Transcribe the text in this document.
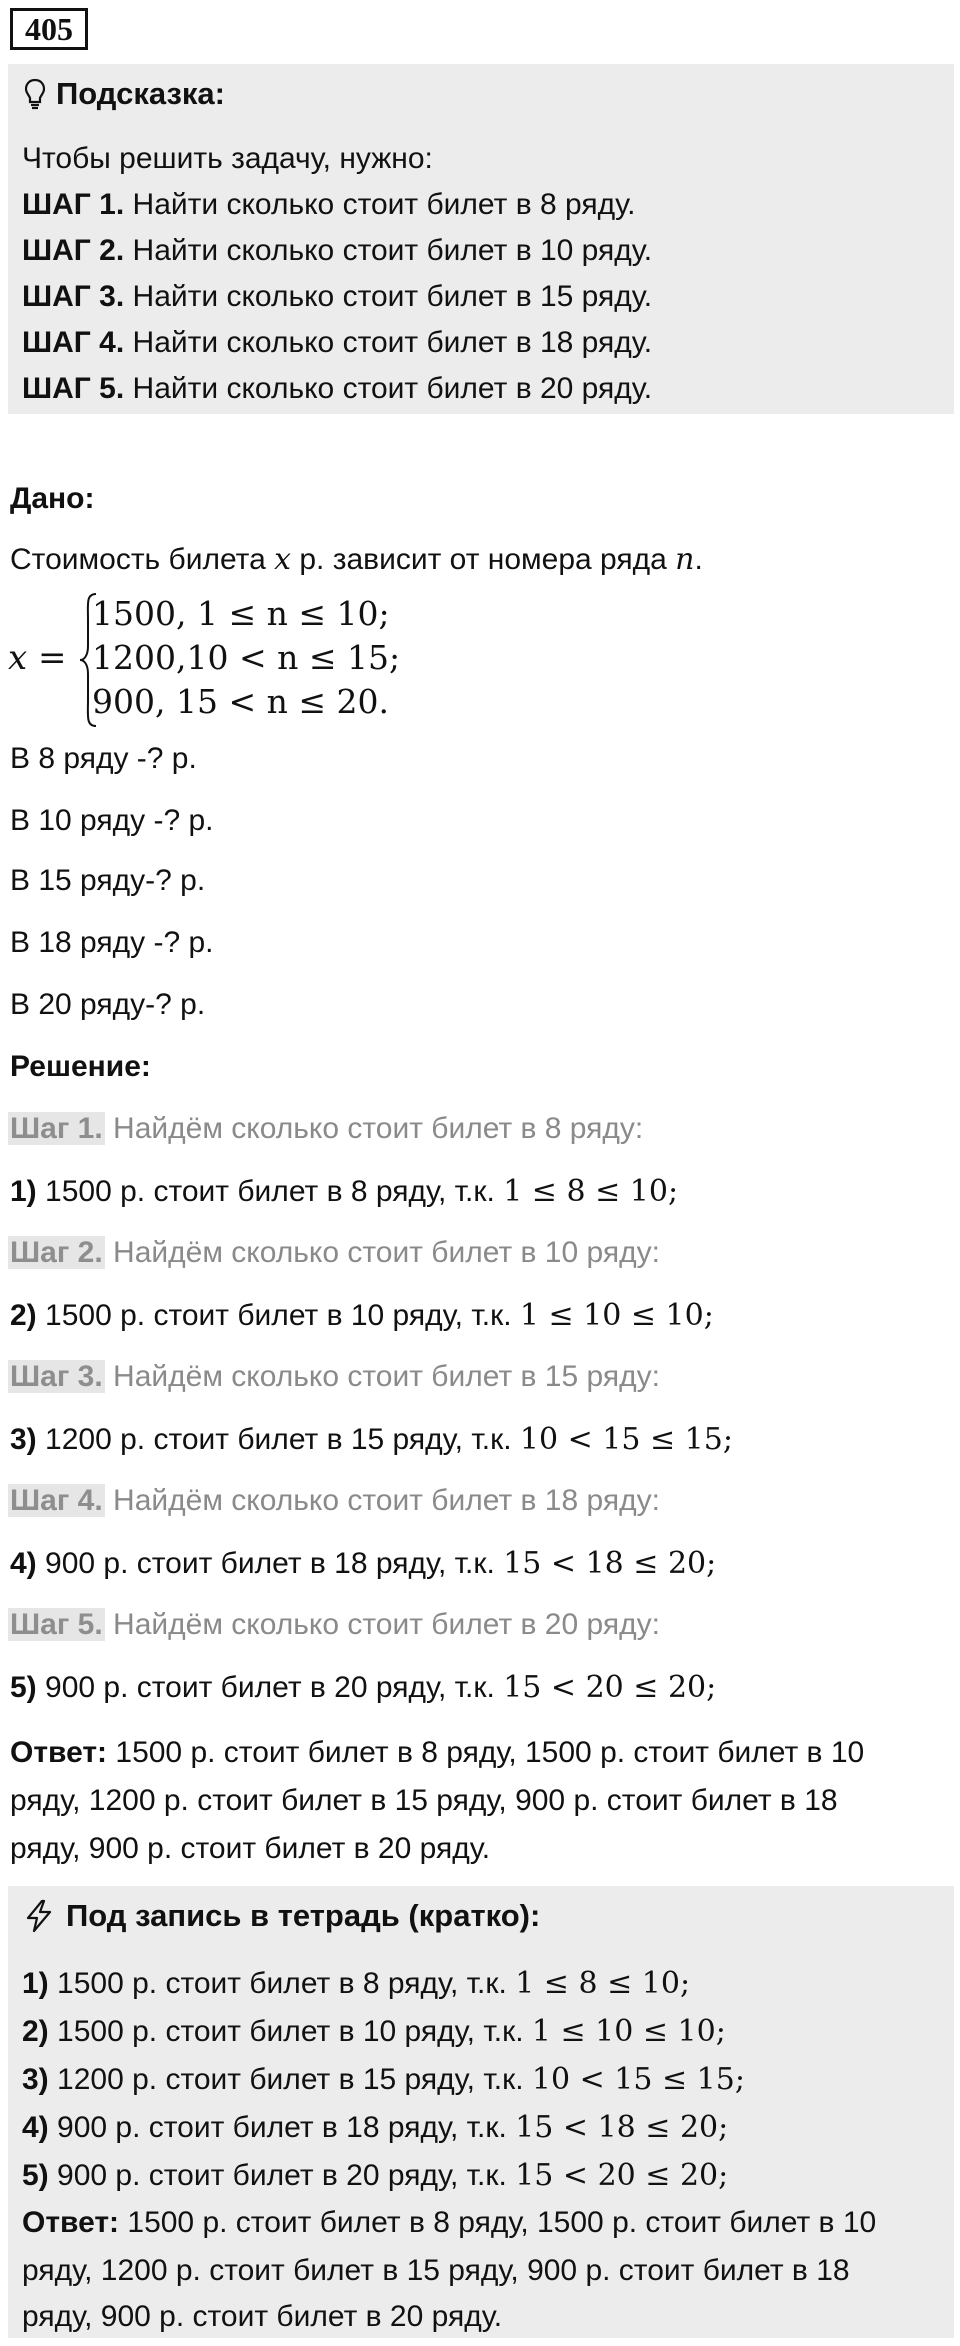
405
Подсказка:
Чтобы решить задачу, нужно:
ШАГ 1. Найти сколько стоит билет в 8 ряду.
ШАГ 2. Найти сколько стоит билет в 10 ряду.
ШАГ 3. Найти сколько стоит билет в 15 ряду.
ШАГ 4. Найти сколько стоит билет в 18 ряду.
ШАГ 5. Найти сколько стоит билет в 20 ряду.
Дано:
Стоимость билета x р. зависит от номера ряда n.
x =
1500, 1 ≤ n ≤ 10;
1200,10 < n ≤ 15;
900, 15 < n ≤ 20.
В 8 ряду -? р.
В 10 ряду -? р.
В 15 ряду-? р.
В 18 ряду -? р.
В 20 ряду-? р.
Решение:
Шаг 1. Найдём сколько стоит билет в 8 ряду:
1) 1500 р. стоит билет в 8 ряду, т.к. 1 ≤ 8 ≤ 10;
Шаг 2. Найдём сколько стоит билет в 10 ряду:
2) 1500 р. стоит билет в 10 ряду, т.к. 1 ≤ 10 ≤ 10;
Шаг 3. Найдём сколько стоит билет в 15 ряду:
3) 1200 р. стоит билет в 15 ряду, т.к. 10 < 15 ≤ 15;
Шаг 4. Найдём сколько стоит билет в 18 ряду:
4) 900 р. стоит билет в 18 ряду, т.к. 15 < 18 ≤ 20;
Шаг 5. Найдём сколько стоит билет в 20 ряду:
5) 900 р. стоит билет в 20 ряду, т.к. 15 < 20 ≤ 20;
Ответ: 1500 р. стоит билет в 8 ряду, 1500 р. стоит билет в 10
ряду, 1200 р. стоит билет в 15 ряду, 900 р. стоит билет в 18
ряду, 900 р. стоит билет в 20 ряду.
Под запись в тетрадь (кратко):
1) 1500 р. стоит билет в 8 ряду, т.к. 1 ≤ 8 ≤ 10;
2) 1500 р. стоит билет в 10 ряду, т.к. 1 ≤ 10 ≤ 10;
3) 1200 р. стоит билет в 15 ряду, т.к. 10 < 15 ≤ 15;
4) 900 р. стоит билет в 18 ряду, т.к. 15 < 18 ≤ 20;
5) 900 р. стоит билет в 20 ряду, т.к. 15 < 20 ≤ 20;
Ответ: 1500 р. стоит билет в 8 ряду, 1500 р. стоит билет в 10
ряду, 1200 р. стоит билет в 15 ряду, 900 р. стоит билет в 18
ряду, 900 р. стоит билет в 20 ряду.
